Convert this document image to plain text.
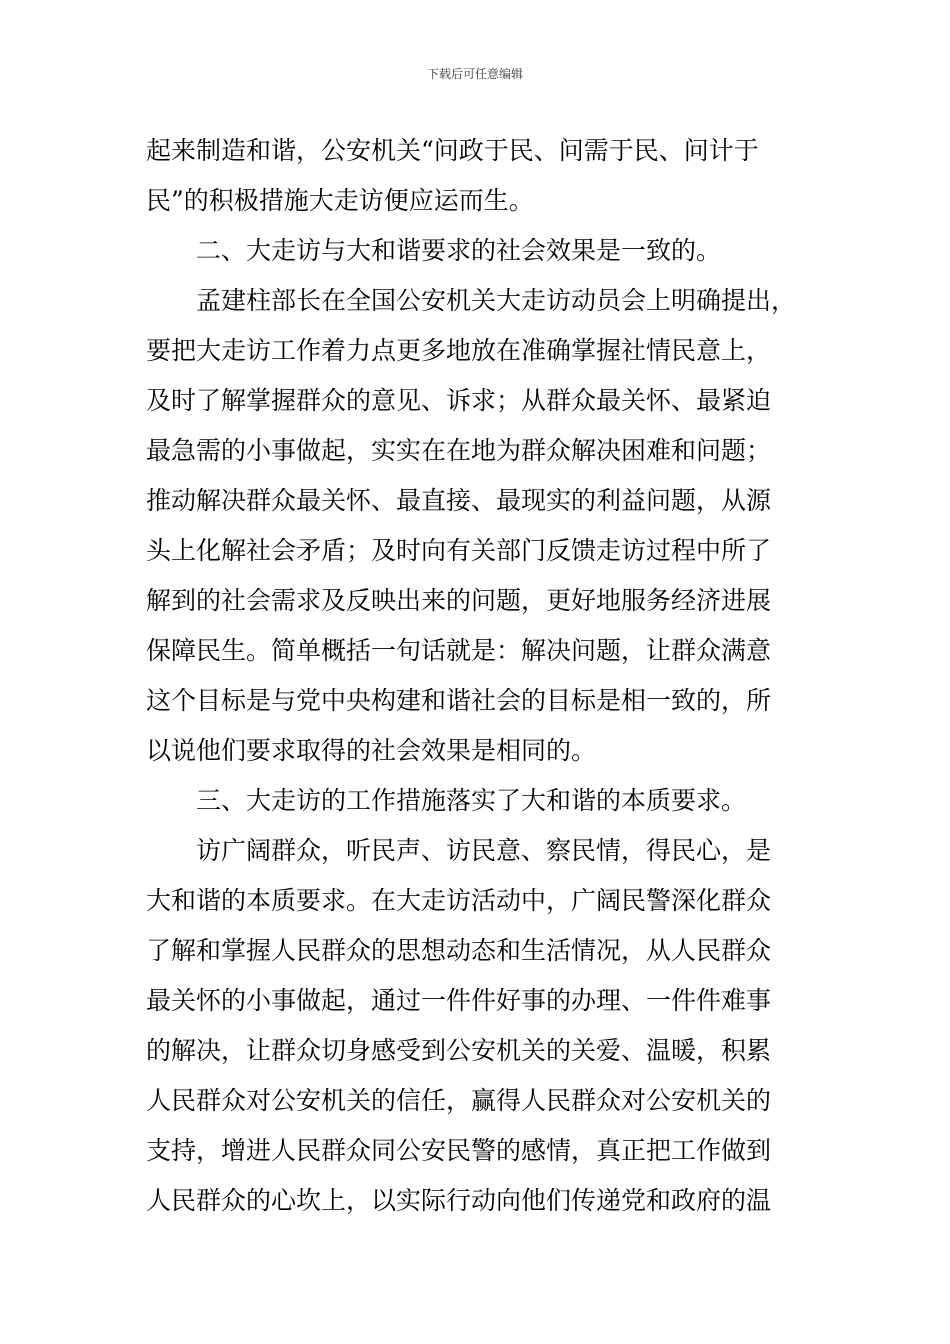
下载后可任意编辑
起来制造和谐，公安机关“问政于民、问需于民、问计于
民”的积极措施大走访便应运而生。
二、大走访与大和谐要求的社会效果是一致的。
孟建柱部长在全国公安机关大走访动员会上明确提出，
要把大走访工作着力点更多地放在准确掌握社情民意上，
及时了解掌握群众的意见、诉求；从群众最关怀、最紧迫
最急需的小事做起，实实在在地为群众解决困难和问题；
推动解决群众最关怀、最直接、最现实的利益问题，从源
头上化解社会矛盾；及时向有关部门反馈走访过程中所了
解到的社会需求及反映出来的问题，更好地服务经济进展
保障民生。简单概括一句话就是：解决问题，让群众满意
这个目标是与党中央构建和谐社会的目标是相一致的，所
以说他们要求取得的社会效果是相同的。
三、大走访的工作措施落实了大和谐的本质要求。
访广阔群众，听民声、访民意、察民情，得民心，是
大和谐的本质要求。在大走访活动中，广阔民警深化群众
了解和掌握人民群众的思想动态和生活情况，从人民群众
最关怀的小事做起，通过一件件好事的办理、一件件难事
的解决，让群众切身感受到公安机关的关爱、温暖，积累
人民群众对公安机关的信任，赢得人民群众对公安机关的
支持，增进人民群众同公安民警的感情，真正把工作做到
人民群众的心坎上，以实际行动向他们传递党和政府的温
